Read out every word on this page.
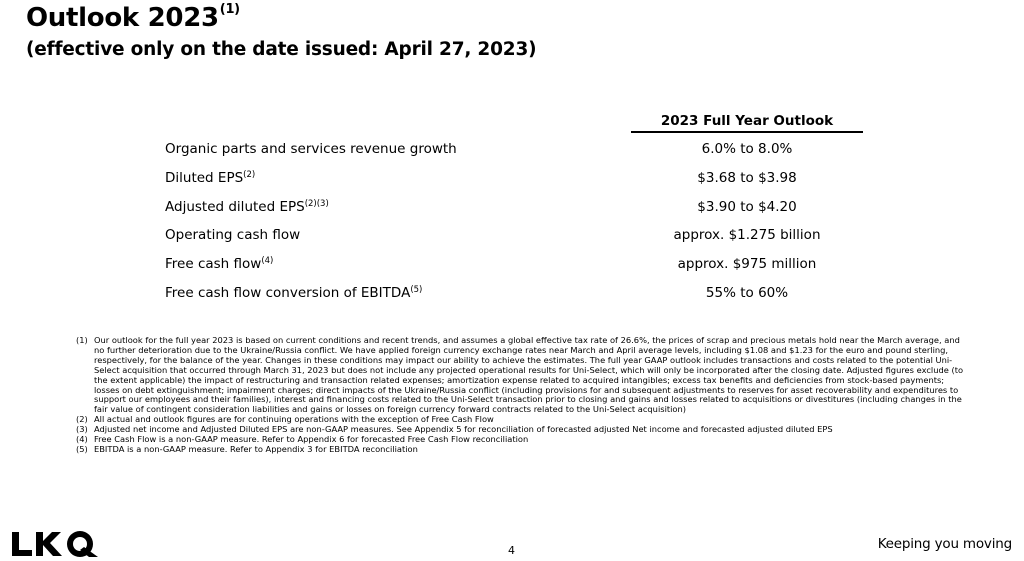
Outlook 2023$^{(1)}$
(effective only on the date issued: April 27, 2023)
2023 Full Year Outlook
Organic parts and services revenue growth	6.0% to 8.0%
Diluted EPS$^{(2)}$	$3.68 to $3.98
Adjusted diluted $EPS^{(2)(3)}$	$3.90 to $4.20
Operating cash flow	approx. $1.275 billion
Free cash flow$^{(4)}$	approx. $975 million
Free cash flow conversion of EBITDA$^{(5)}$	55% to 60%
(1) Our outlook for the full year 2023 is based on current conditions and recent trends, and assumes a global effective tax rate of 26.6%, the prices of scrap and precious metals hold near the March average, and no further deterioration due to the Ukraine/Russia conflict. We have applied foreign currency exchange rates near March and April average levels, including $1.08 and $1.23 for the euro and pound sterling, respectively, for the balance of the year. Changes in these conditions may impact our ability to achieve the estimates. The full year GAAP outlook includes transactions and costs related to the potential Uni-Select acquisition that occurred through March 31, 2023 but does not include any projected operational results for Uni-Select, which will only be incorporated after the closing date. Adjusted figures exclude (to the extent applicable) the impact of restructuring and transaction related expenses; amortization expense related to acquired intangibles; excess tax benefits and deficiencies from stock-based payments; losses on debt extinguishment; impairment charges; direct impacts of the Ukraine/Russia conflict (including provisions for and subsequent adjustments to reserves for asset recoverability and expenditures to support our employees and their families), interest and financing costs related to the Uni-Select transaction prior to closing and gains and losses related to acquisitions or divestitures (including changes in the fair value of contingent consideration liabilities and gains or losses on foreign currency forward contracts related to the Uni-Select acquisition)
(2) All actual and outlook figures are for continuing operations with the exception of Free Cash Flow
(3) Adjusted net income and Adjusted Diluted EPS are non-GAAP measures. See Appendix 5 for reconciliation of forecasted adjusted Net income and forecasted adjusted diluted EPS
(4) Free Cash Flow is a non-GAAP measure. Refer to Appendix 6 for forecasted Free Cash Flow reconciliation
(5) EBITDA is a non-GAAP measure. Refer to Appendix 3 for EBITDA reconciliation
4	Keeping you moving
